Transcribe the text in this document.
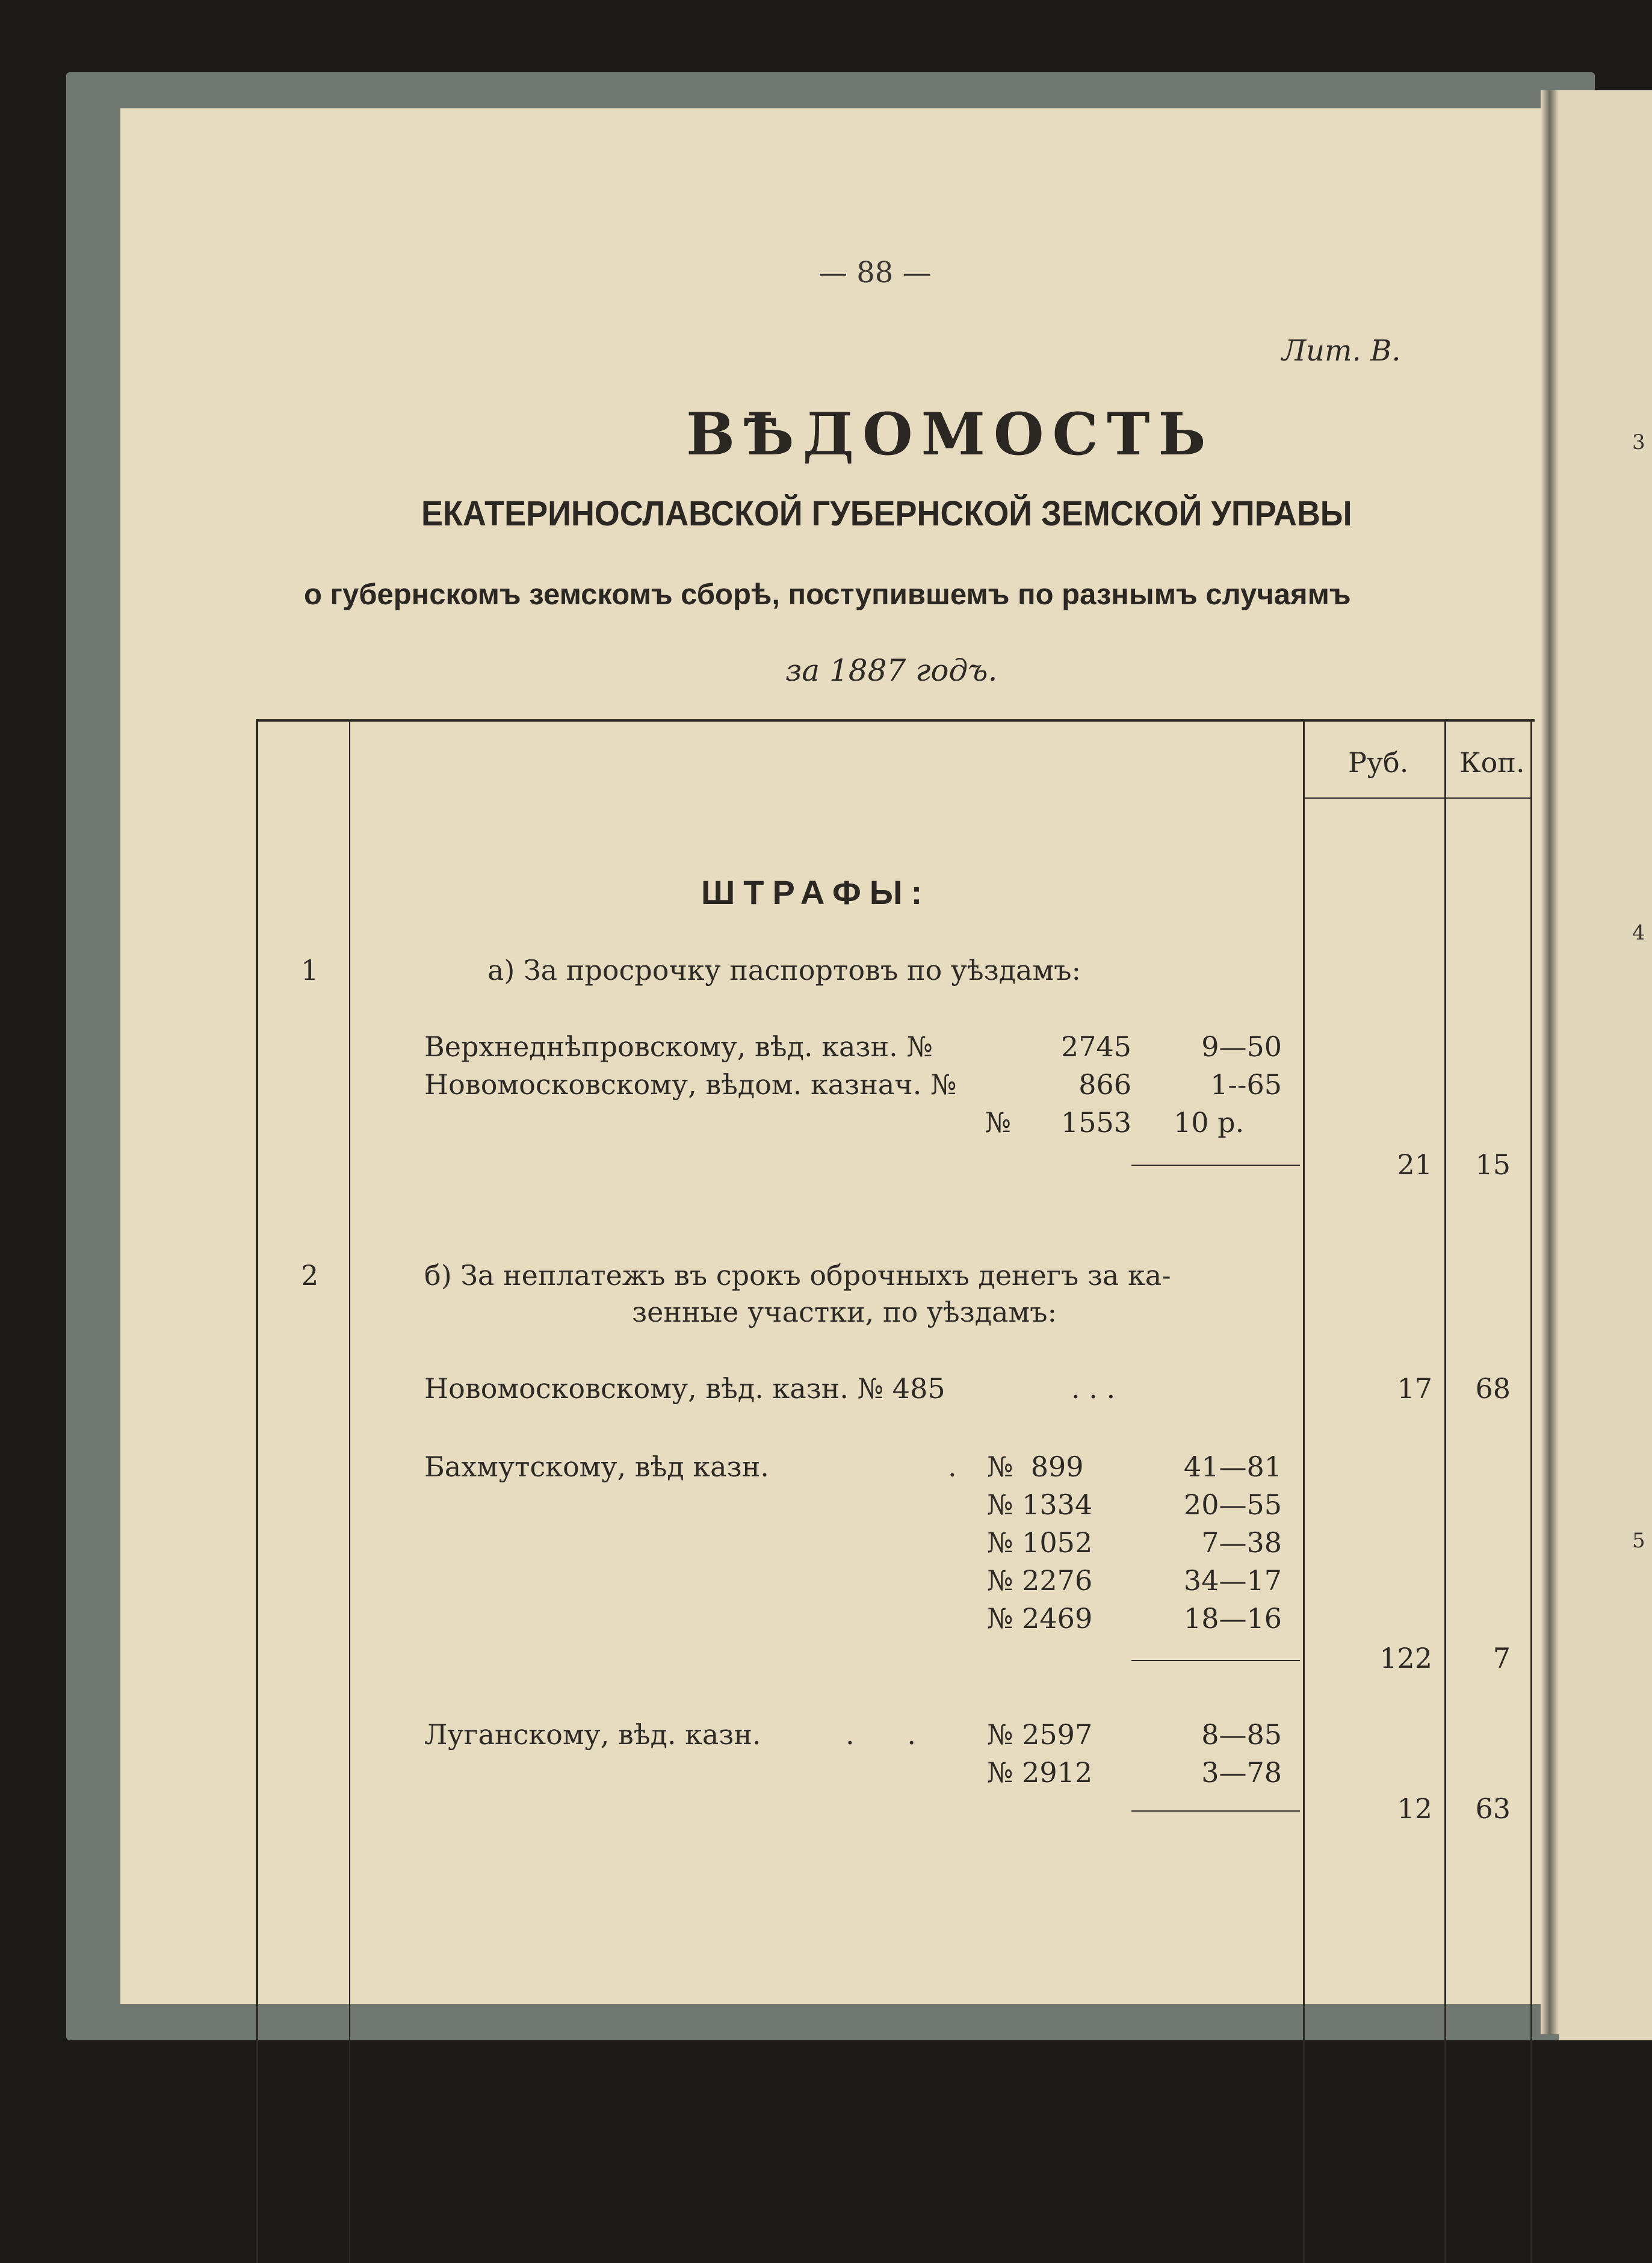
3
4
5
— 88 —
Лит. В.
ВѢДОМОСТЬ
ЕКАТЕРИНОСЛАВСКОЙ ГУБЕРНСКОЙ ЗЕМСКОЙ УПРАВЫ
о губернскомъ земскомъ сборѣ, поступившемъ по разнымъ случаямъ
за 1887 годъ.
Руб. Коп.
ШТРАФЫ:
1	а) За просрочку паспортовъ по уѣздамъ:
Верхнеднѣпровскому, вѣд. казн. №	2745	9—50
Новомосковскому, вѣдом. казнач. №	866	1--65
№	1553 10 р.
21	15
2	б) За неплатежъ въ срокъ оброчныхъ денегъ за ка-
зенные участки, по уѣздамъ:
Новомосковскому, вѣд. казн. № 485	. . .	17	68
Бахмутскому, вѣд казн.	. №  899	41—81
№ 1334	20—55
№ 1052	7—38
№ 2276	34—17
№ 2469	18—16
122	7
Луганскому, вѣд. казн.	.      .	№ 2597	8—85
№ 2912	3—78
12	63
